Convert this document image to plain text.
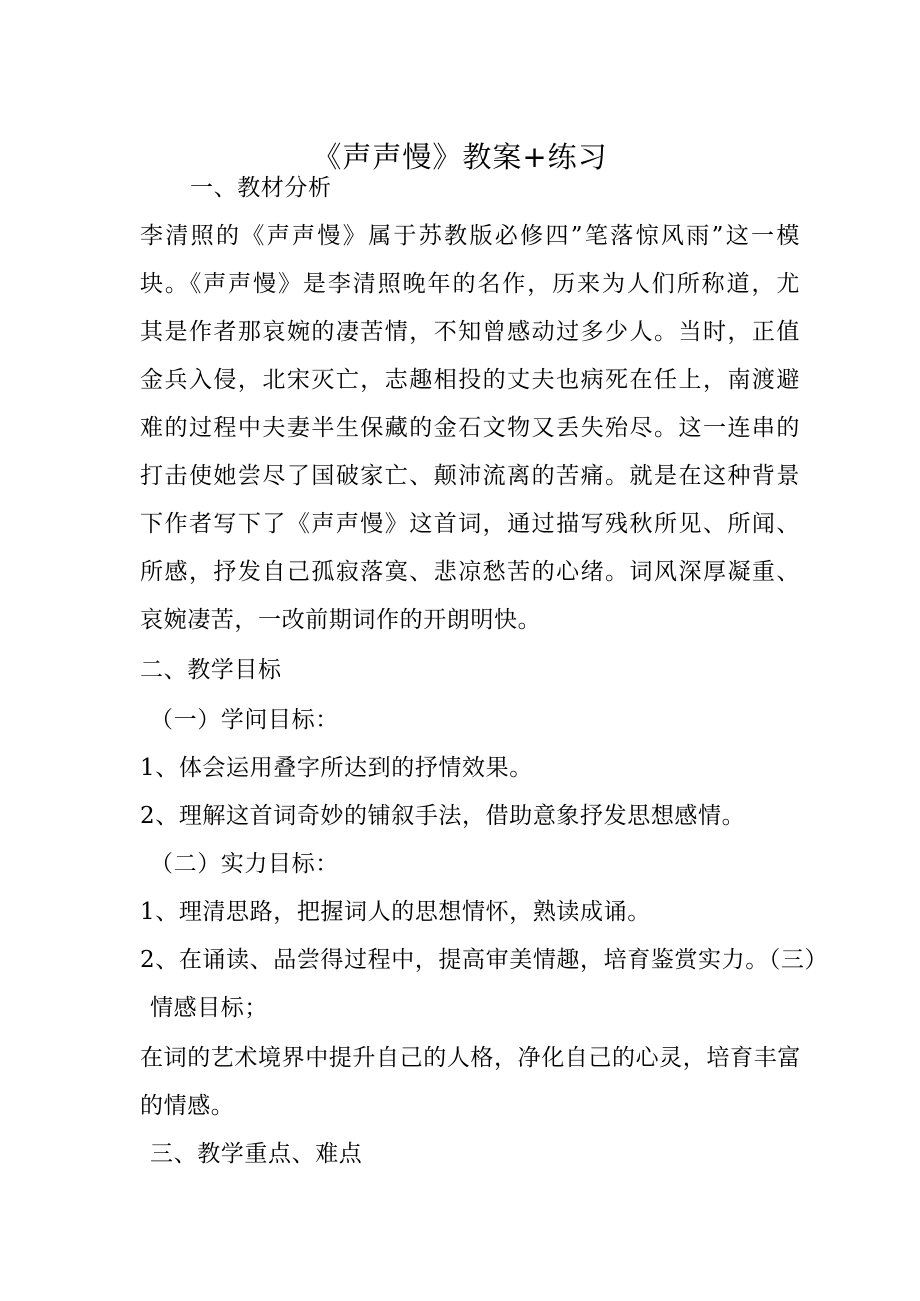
《声声慢》教案+练习
一、教材分析
李清照的《声声慢》属于苏教版必修四”笔落惊风雨”这一模
块。《声声慢》是李清照晚年的名作，历来为人们所称道，尤
其是作者那哀婉的凄苦情，不知曾感动过多少人。当时，正值
金兵入侵，北宋灭亡，志趣相投的丈夫也病死在任上，南渡避
难的过程中夫妻半生保藏的金石文物又丢失殆尽。这一连串的
打击使她尝尽了国破家亡、颠沛流离的苦痛。就是在这种背景
下作者写下了《声声慢》这首词，通过描写残秋所见、所闻、
所感，抒发自己孤寂落寞、悲凉愁苦的心绪。词风深厚凝重、
哀婉凄苦，一改前期词作的开朗明快。
二、教学目标
（一）学问目标：
1、体会运用叠字所达到的抒情效果。
2、理解这首词奇妙的铺叙手法，借助意象抒发思想感情。
（二）实力目标：
1、理清思路，把握词人的思想情怀，熟读成诵。
2、在诵读、品尝得过程中，提高审美情趣，培育鉴赏实力。（三）
情感目标；
在词的艺术境界中提升自己的人格，净化自己的心灵，培育丰富
的情感。
三、教学重点、难点
